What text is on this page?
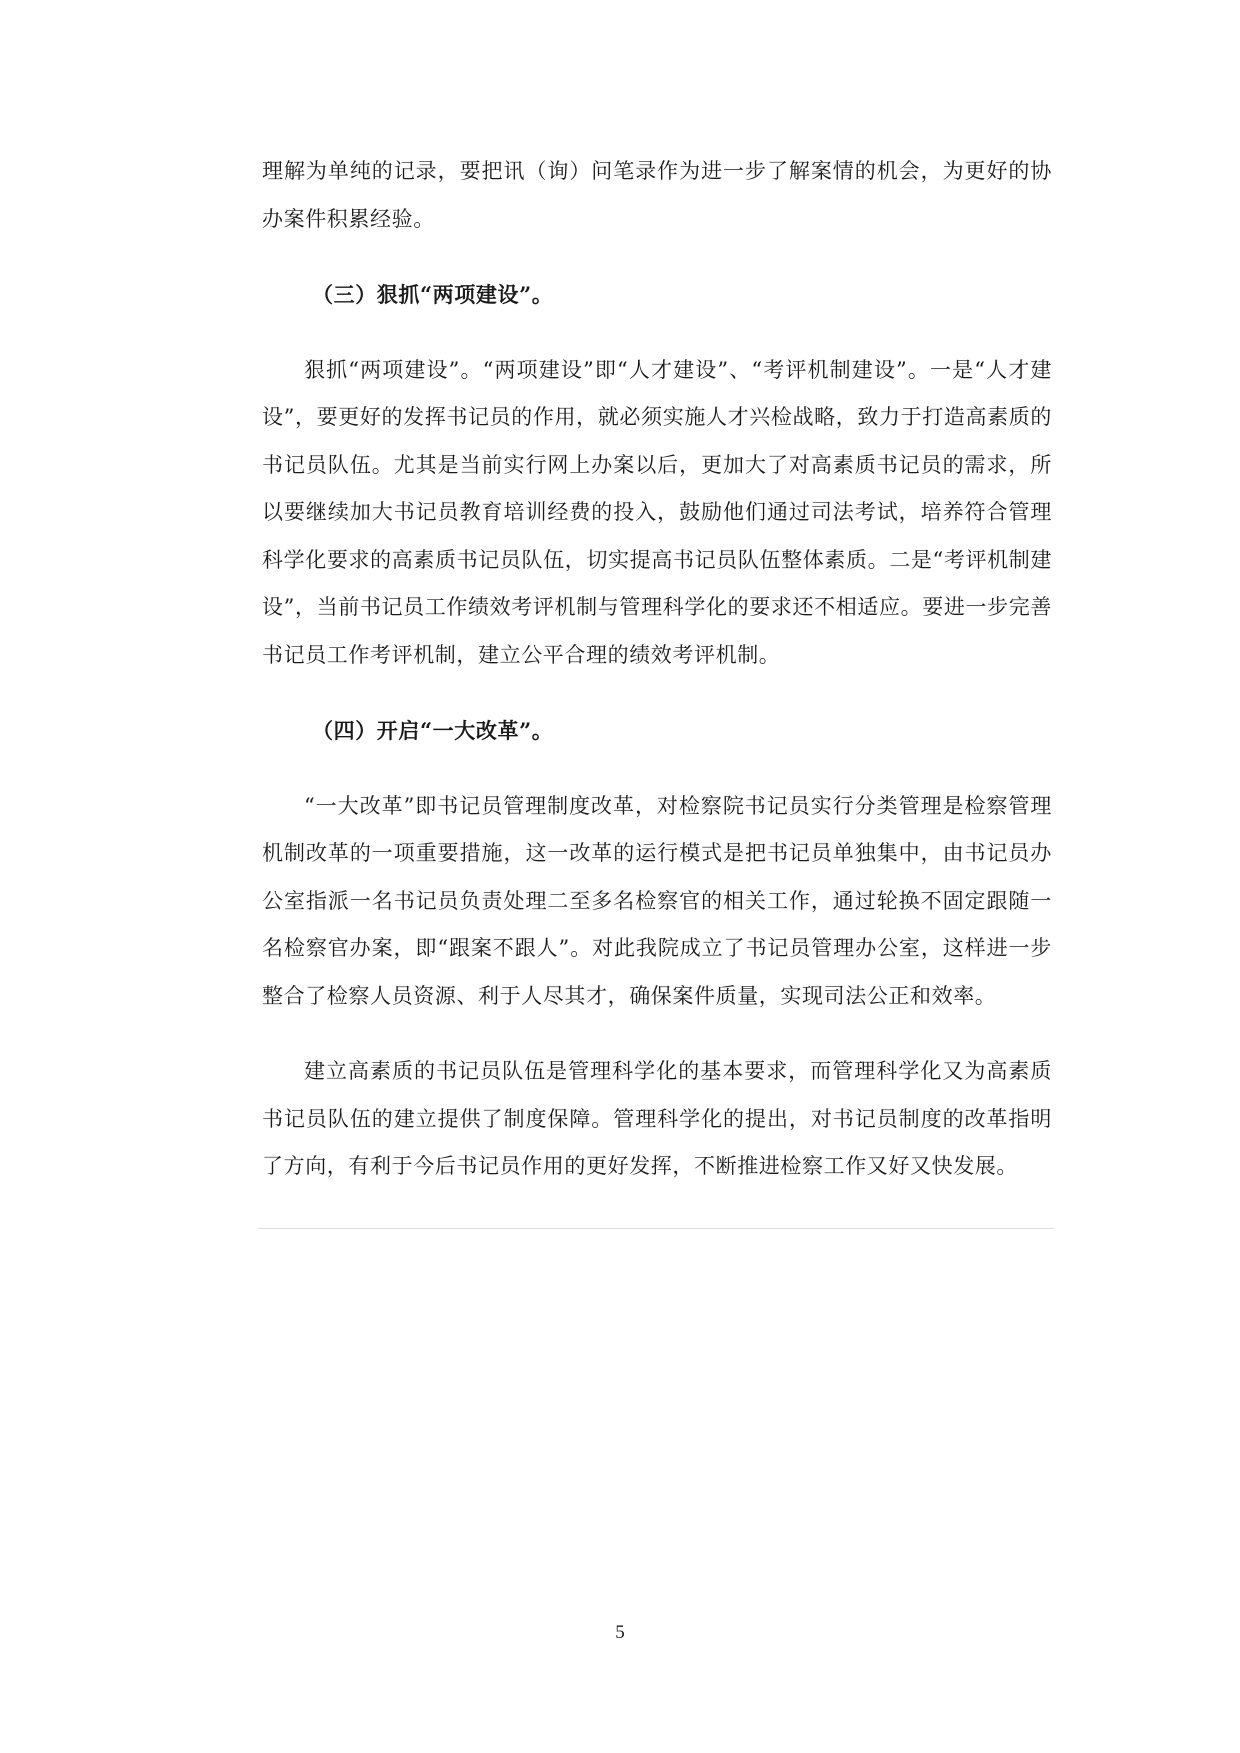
理解为单纯的记录，要把讯（询）问笔录作为进一步了解案情的机会，为更好的协办案件积累经验。

（三）狠抓“两项建设”。

狠抓“两项建设”。“两项建设”即“人才建设”、“考评机制建设”。一是“人才建设”，要更好的发挥书记员的作用，就必须实施人才兴检战略，致力于打造高素质的书记员队伍。尤其是当前实行网上办案以后，更加大了对高素质书记员的需求，所以要继续加大书记员教育培训经费的投入，鼓励他们通过司法考试，培养符合管理科学化要求的高素质书记员队伍，切实提高书记员队伍整体素质。二是“考评机制建设”，当前书记员工作绩效考评机制与管理科学化的要求还不相适应。要进一步完善书记员工作考评机制，建立公平合理的绩效考评机制。

（四）开启“一大改革”。

“一大改革”即书记员管理制度改革，对检察院书记员实行分类管理是检察管理机制改革的一项重要措施，这一改革的运行模式是把书记员单独集中，由书记员办公室指派一名书记员负责处理二至多名检察官的相关工作，通过轮换不固定跟随一名检察官办案，即“跟案不跟人”。对此我院成立了书记员管理办公室，这样进一步整合了检察人员资源、利于人尽其才，确保案件质量，实现司法公正和效率。

建立高素质的书记员队伍是管理科学化的基本要求，而管理科学化又为高素质书记员队伍的建立提供了制度保障。管理科学化的提出，对书记员制度的改革指明了方向，有利于今后书记员作用的更好发挥，不断推进检察工作又好又快发展。

5
